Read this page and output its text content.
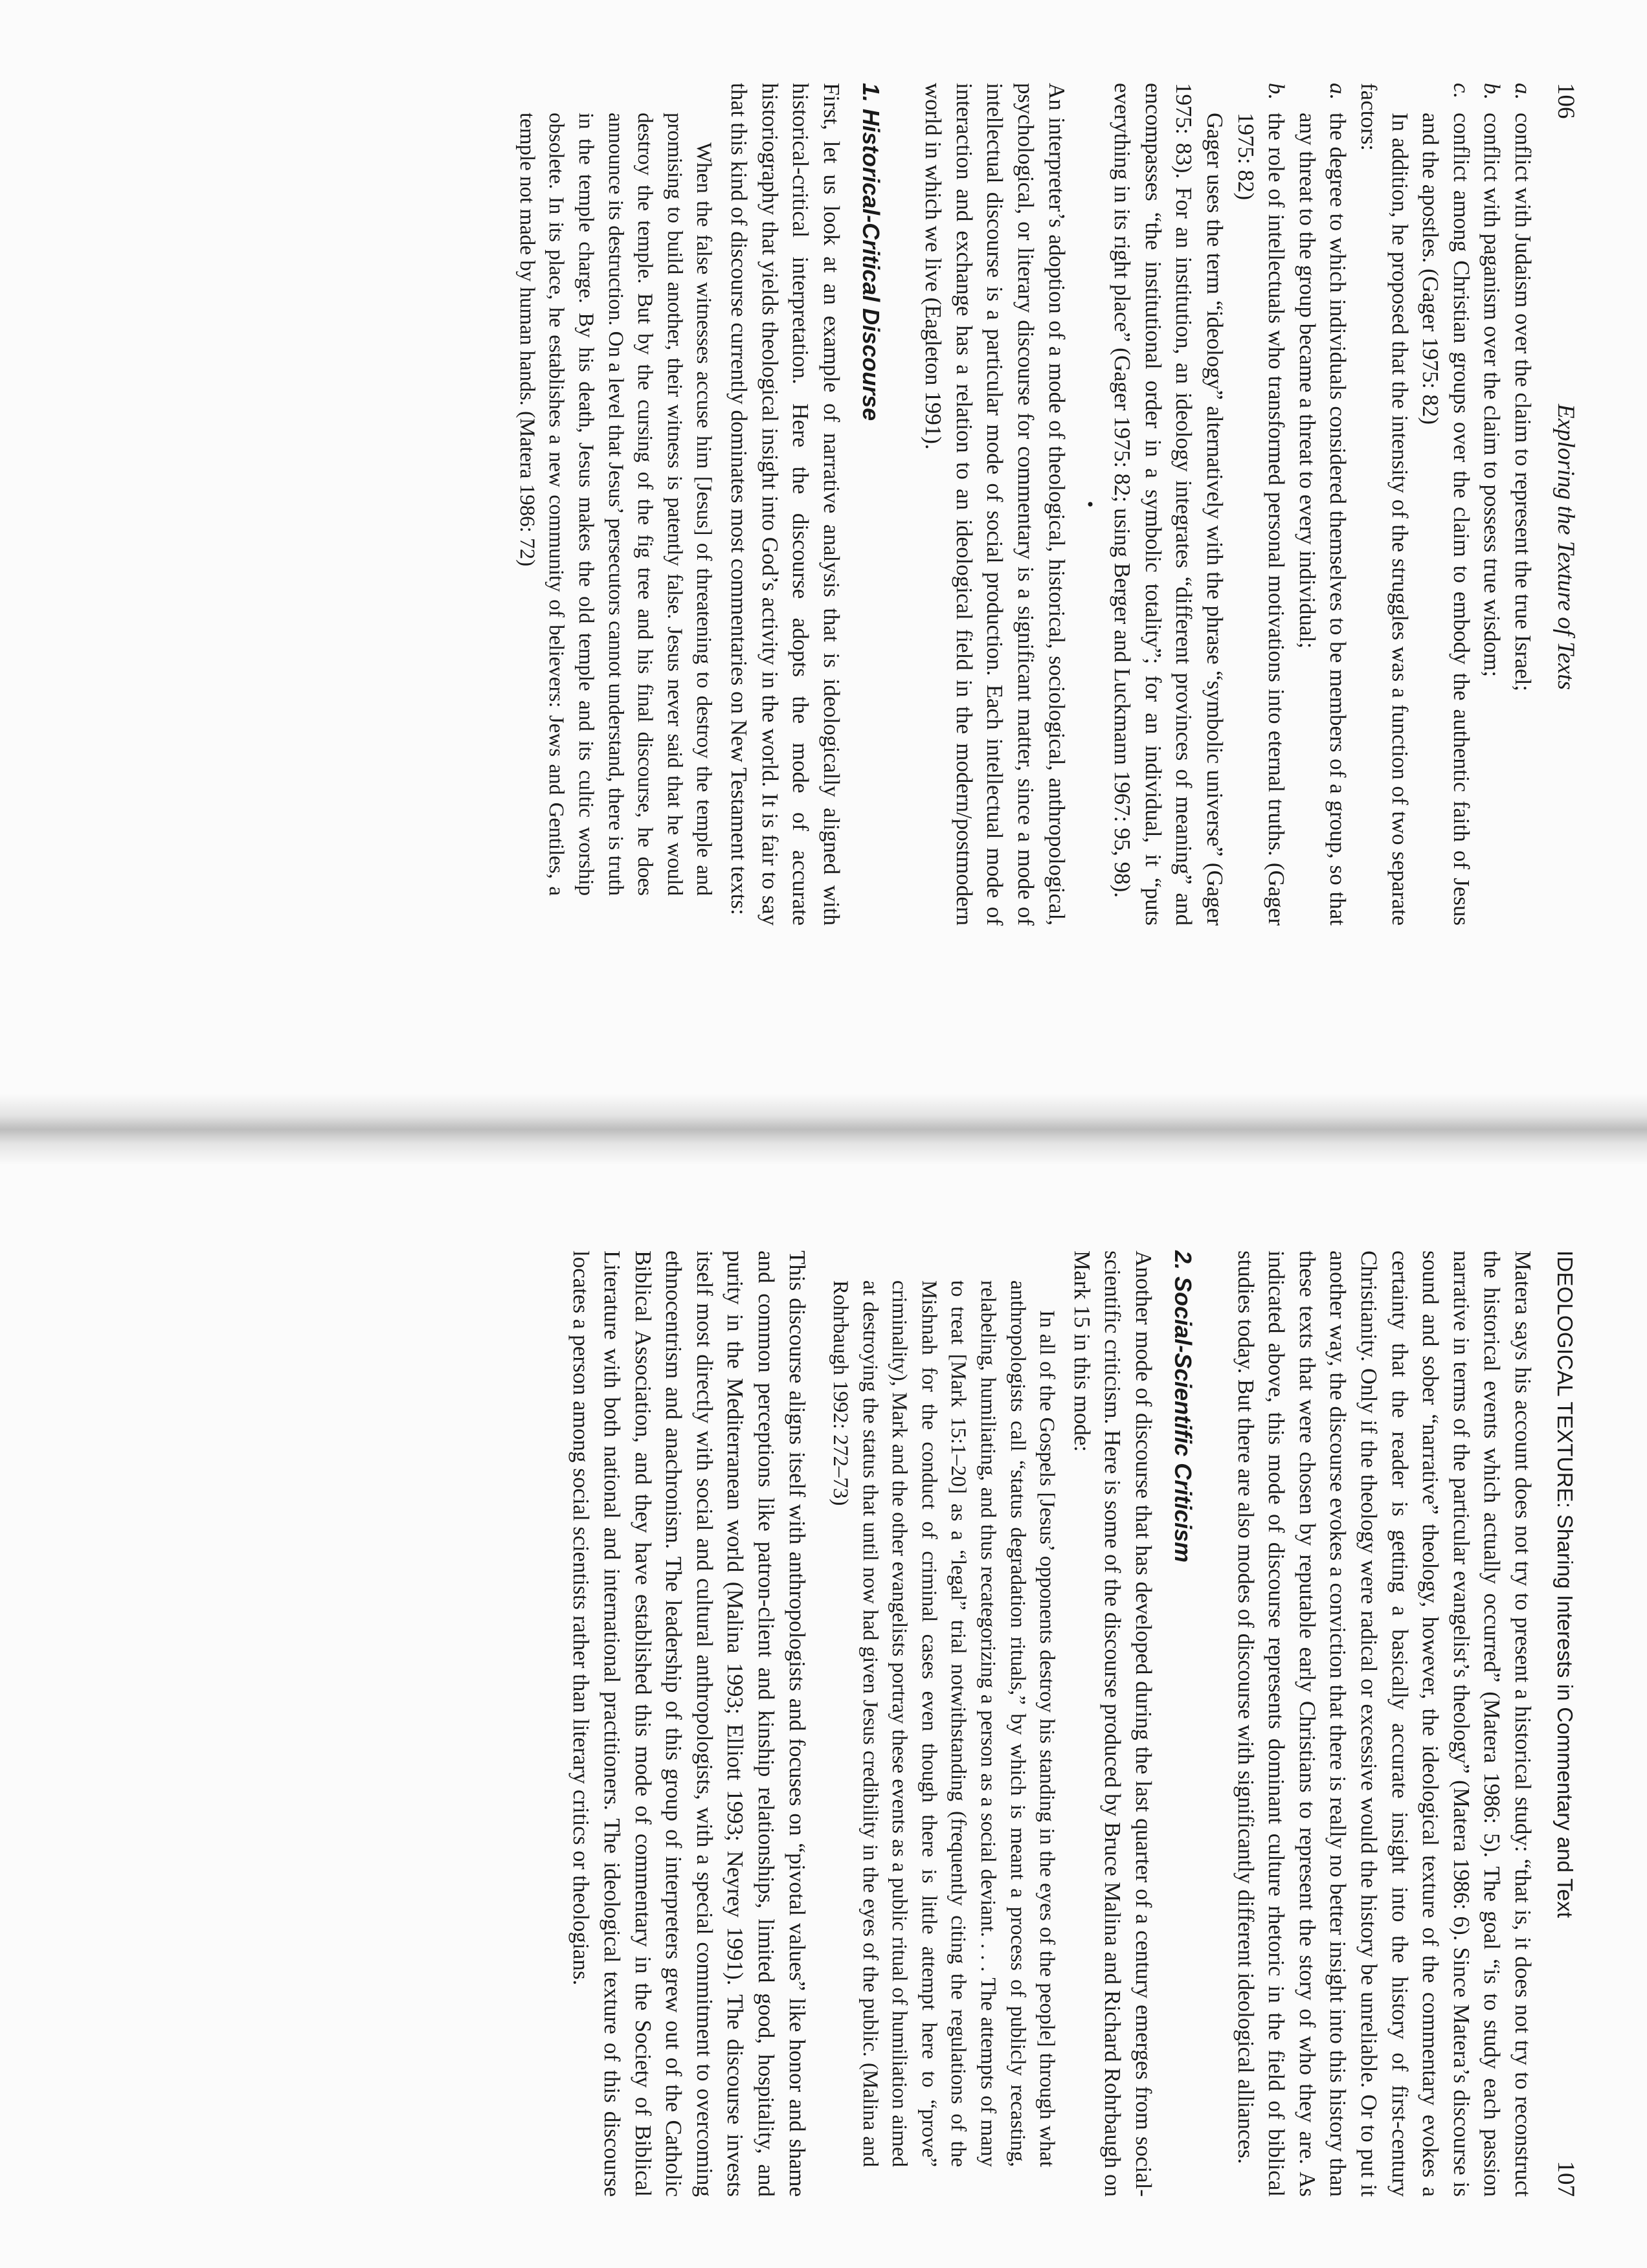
106
Exploring the Texture of Texts
a.
conflict with Judaism over the claim to represent the true Israel;
b.
conflict with paganism over the claim to possess true wisdom;
c.
conflict among Christian groups over the claim to embody the authentic faith of Jesus and the apostles. (Gager 1975: 82)

In addition, he proposed that the intensity of the struggles was a function of two separate factors:

a.
the degree to which individuals considered themselves to be members of a group, so that any threat to the group became a threat to every individual;
b.
the role of intellectuals who transformed personal motivations into eternal truths. (Gager 1975: 82)

Gager uses the term “ideology” alternatively with the phrase “symbolic universe” (Gager 1975: 83). For an institution, an ideology integrates “different provinces of meaning” and encompasses “the institutional order in a symbolic totality”; for an individual, it “puts everything in its right place” (Gager 1975: 82; using Berger and Luckmann 1967: 95, 98).

•

An interpreter’s adoption of a mode of theological, historical, sociological, anthropological, psychological, or literary discourse for commentary is a significant matter, since a mode of intellectual discourse is a particular mode of social production. Each intellectual mode of interaction and exchange has a relation to an ideological field in the modern/postmodern world in which we live (Eagleton 1991).

1. Historical-Critical Discourse

First, let us look at an example of narrative analysis that is ideologically aligned with historical-critical interpretation. Here the discourse adopts the mode of accurate historiography that yields theological insight into God’s activity in the world. It is fair to say that this kind of discourse currently dominates most commentaries on New Testament texts:

When the false witnesses accuse him [Jesus] of threatening to destroy the temple and promising to build another, their witness is patently false. Jesus never said that he would destroy the temple. But by the cursing of the fig tree and his final discourse, he does announce its destruction. On a level that Jesus’ persecutors cannot understand, there is truth in the temple charge. By his death, Jesus makes the old temple and its cultic worship obsolete. In its place, he establishes a new community of believers: Jews and Gentiles, a temple not made by human hands. (Matera 1986: 72)

IDEOLOGICAL TEXTURE: Sharing Interests in Commentary and Text
107

Matera says his account does not try to present a historical study: “that is, it does not try to reconstruct the historical events which actually occurred” (Matera 1986: 5). The goal “is to study each passion narrative in terms of the particular evangelist’s theology” (Matera 1986: 6). Since Matera’s discourse is sound and sober “narrative” theology, however, the ideological texture of the commentary evokes a certainty that the reader is getting a basically accurate insight into the history of first-century Christianity. Only if the theology were radical or excessive would the history be unreliable. Or to put it another way, the discourse evokes a conviction that there is really no better insight into this history than these texts that were chosen by reputable early Christians to represent the story of who they are. As indicated above, this mode of discourse represents dominant culture rhetoric in the field of biblical studies today. But there are also modes of discourse with significantly different ideological alliances.

2. Social-Scientific Criticism

Another mode of discourse that has developed during the last quarter of a century emerges from social-scientific criticism. Here is some of the discourse produced by Bruce Malina and Richard Rohrbaugh on Mark 15 in this mode:

In all of the Gospels [Jesus’ opponents destroy his standing in the eyes of the people] through what anthropologists call “status degradation rituals,” by which is meant a process of publicly recasting, relabeling, humiliating, and thus recategorizing a person as a social deviant. . . . The attempts of many to treat [Mark 15:1–20] as a “legal” trial notwithstanding (frequently citing the regulations of the Mishnah for the conduct of criminal cases even though there is little attempt here to “prove” criminality), Mark and the other evangelists portray these events as a public ritual of humiliation aimed at destroying the status that until now had given Jesus credibility in the eyes of the public. (Malina and Rohrbaugh 1992: 272–73)

This discourse aligns itself with anthropologists and focuses on “pivotal values” like honor and shame and common perceptions like patron-client and kinship relationships, limited good, hospitality, and purity in the Mediterranean world (Malina 1993; Elliott 1993; Neyrey 1991). The discourse invests itself most directly with social and cultural anthropologists, with a special commitment to overcoming ethnocentrism and anachronism. The leadership of this group of interpreters grew out of the Catholic Biblical Association, and they have established this mode of commentary in the Society of Biblical Literature with both national and international practitioners. The ideological texture of this discourse locates a person among social scientists rather than literary critics or theologians.
